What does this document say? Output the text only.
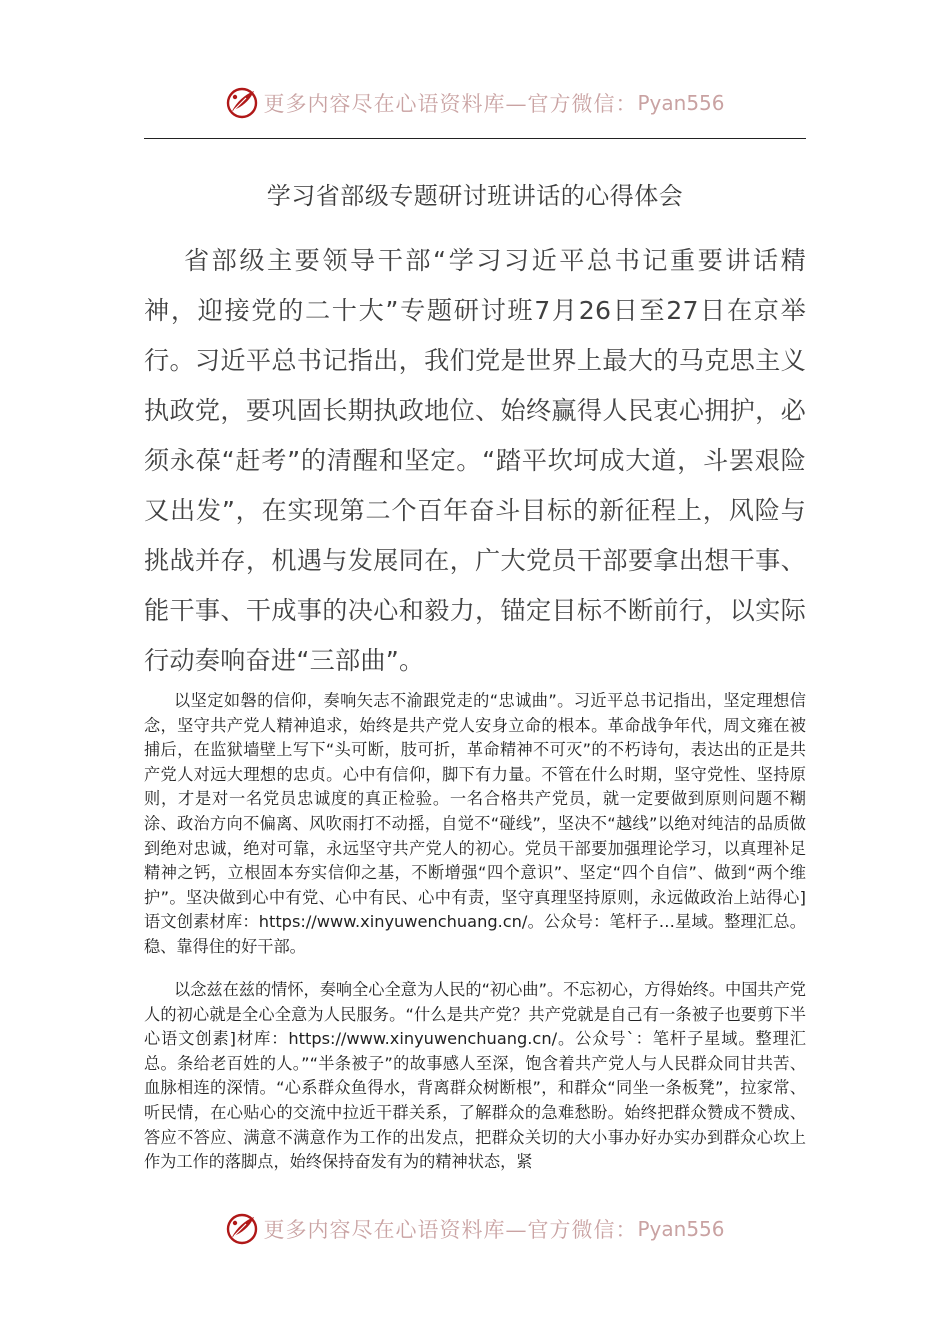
更多内容尽在心语资料库—官方微信： Pyan556
学习省部级专题研讨班讲话的心得体会

省部级主要领导干部“学习习近平总书记重要讲话精神，迎接党的二十大”专题研讨班7月26日至27日在京举行。习近平总书记指出，我们党是世界上最大的马克思主义执政党，要巩固长期执政地位、始终赢得人民衷心拥护，必须永葆“赶考”的清醒和坚定。“踏平坎坷成大道，斗罢艰险又出发”，在实现第二个百年奋斗目标的新征程上，风险与挑战并存，机遇与发展同在，广大党员干部要拿出想干事、能干事、干成事的决心和毅力，锚定目标不断前行，以实际行动奏响奋进“三部曲”。

以坚定如磐的信仰，奏响矢志不渝跟党走的“忠诚曲”。习近平总书记指出，坚定理想信念，坚守共产党人精神追求，始终是共产党人安身立命的根本。革命战争年代，周文雍在被捕后，在监狱墙壁上写下“头可断，肢可折，革命精神不可灭”的不朽诗句，表达出的正是共产党人对远大理想的忠贞。心中有信仰，脚下有力量。不管在什么时期，坚守党性、坚持原则，才是对一名党员忠诚度的真正检验。一名合格共产党员，就一定要做到原则问题不糊涂、政治方向不偏离、风吹雨打不动摇，自觉不“碰线”，坚决不“越线”以绝对纯洁的品质做到绝对忠诚，绝对可靠，永远坚守共产党人的初心。党员干部要加强理论学习，以真理补足精神之钙，立根固本夯实信仰之基，不断增强“四个意识”、坚定“四个自信”、做到“两个维护”。坚决做到心中有党、心中有民、心中有责，坚守真理坚持原则，永远做政治上站得心]语文创素材库：https://www.xinyuwenchuang.cn/。公众号：笔杆子…星域。整理汇总。稳、靠得住的好干部。

以念兹在兹的情怀，奏响全心全意为人民的“初心曲”。不忘初心，方得始终。中国共产党人的初心就是全心全意为人民服务。“什么是共产党？共产党就是自己有一条被子也要剪下半心语文创素]材库：https://www.xinyuwenchuang.cn/。公众号`：笔杆子星域。整理汇总。条给老百姓的人。”“半条被子”的故事感人至深，饱含着共产党人与人民群众同甘共苦、血脉相连的深情。“心系群众鱼得水，背离群众树断根”，和群众“同坐一条板凳”，拉家常、听民情，在心贴心的交流中拉近干群关系，了解群众的急难愁盼。始终把群众赞成不赞成、答应不答应、满意不满意作为工作的出发点，把群众关切的大小事办好办实办到群众心坎上作为工作的落脚点，始终保持奋发有为的精神状态，紧

更多内容尽在心语资料库—官方微信： Pyan556
